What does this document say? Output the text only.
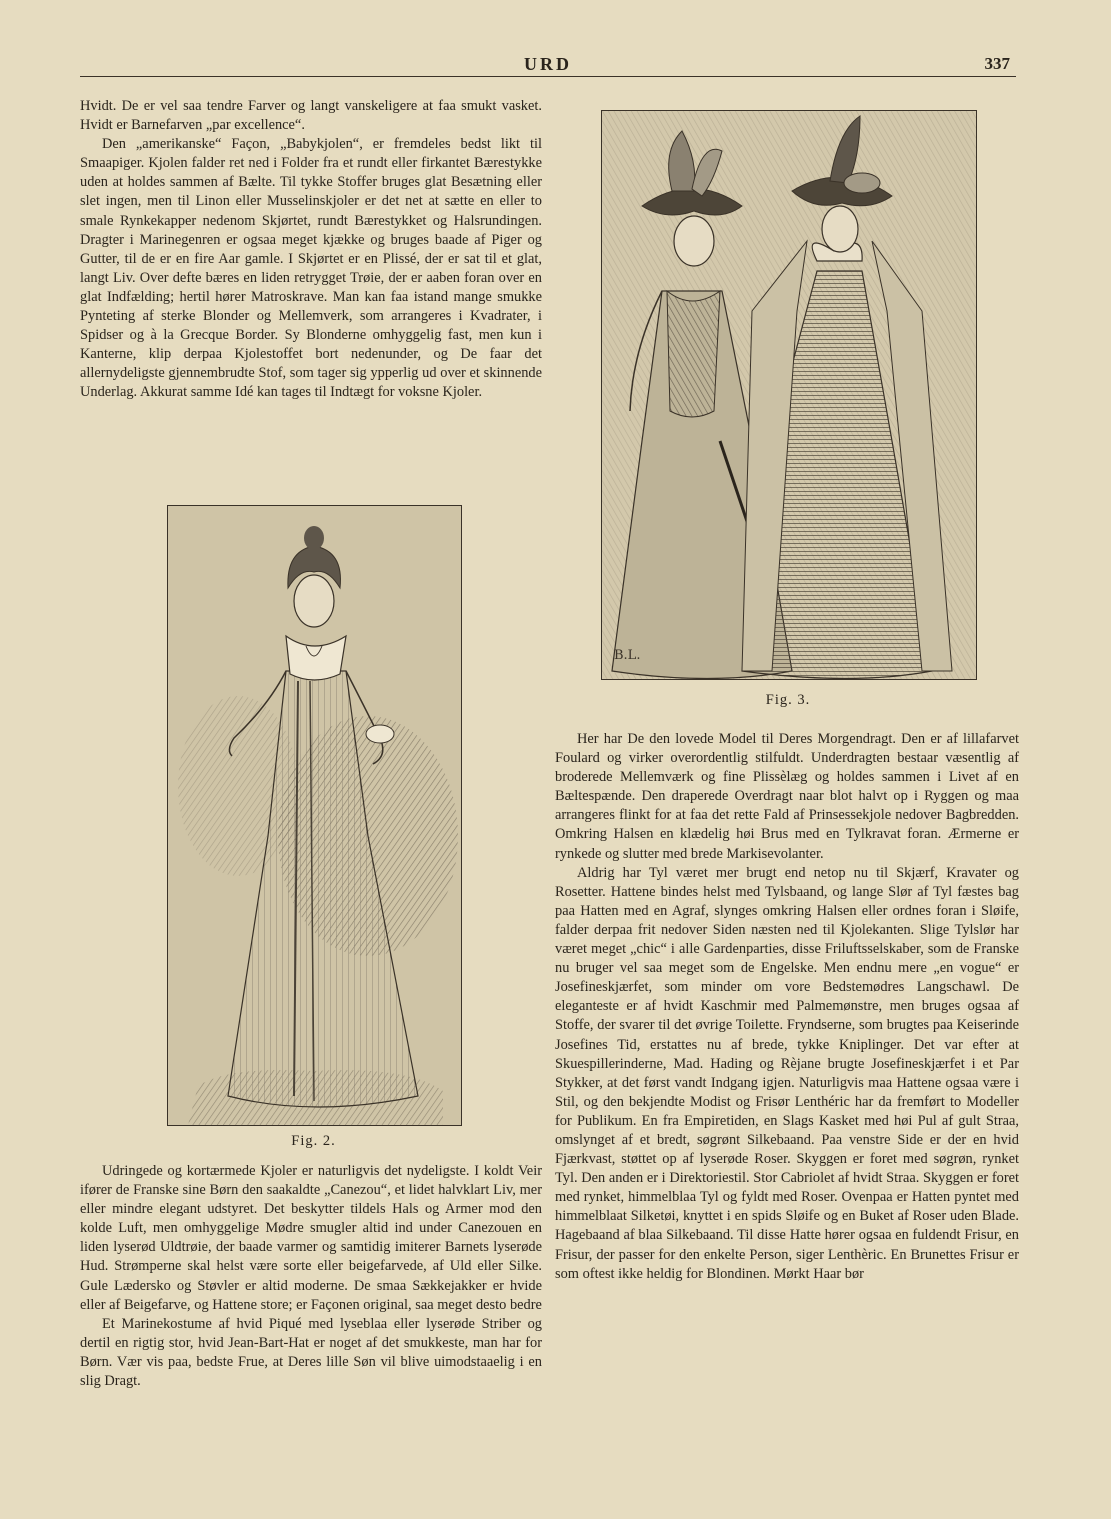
URD	337

Hvidt. De er vel saa tendre Farver og langt vanskeligere at faa smukt vasket. Hvidt er Barnefarven „par excellence“.

Den „amerikanske“ Façon, „Babykjolen“, er fremdeles bedst likt til Smaapiger. Kjolen falder ret ned i Folder fra et rundt eller firkantet Bærestykke uden at holdes sammen af Bælte. Til tykke Stoffer bruges glat Besætning eller slet ingen, men til Linon eller Musselinskjoler er det net at sætte en eller to smale Rynkekapper nedenom Skjørtet, rundt Bærestykket og Halsrundingen. Dragter i Marinegenren er ogsaa meget kjække og bruges baade af Piger og Gutter, til de er en fire Aar gamle. I Skjørtet er en Plissé, der er sat til et glat, langt Liv. Over defte bæres en liden retrygget Trøie, der er aaben foran over en glat Indfælding; hertil hører Matroskrave. Man kan faa istand mange smukke Pynteting af sterke Blonder og Mellemverk, som arrangeres i Kvadrater, i Spidser og à la Grecque Border. Sy Blonderne omhyggelig fast, men kun i Kanterne, klip derpaa Kjolestoffet bort nedenunder, og De faar det allernydeligste gjennembrudte Stof, som tager sig ypperlig ud over et skinnende Underlag. Akkurat samme Idé kan tages til Indtægt for voksne Kjoler.

Fig. 2.

Udringede og kortærmede Kjoler er naturligvis det nydeligste. I koldt Veir ifører de Franske sine Børn den saakaldte „Canezou“, et lidet halvklart Liv, mer eller mindre elegant udstyret. Det beskytter tildels Hals og Armer mod den kolde Luft, men omhyggelige Mødre smugler altid ind under Canezouen en liden lyserød Uldtrøie, der baade varmer og samtidig imiterer Barnets lyserøde Hud. Strømperne skal helst være sorte eller beigefarvede, af Uld eller Silke. Gule Lædersko og Støvler er altid moderne. De smaa Sækkejakker er hvide eller af Beigefarve, og Hattene store; er Façonen original, saa meget desto bedre

Et Marinekostume af hvid Piqué med lyseblaa eller lyserøde Striber og dertil en rigtig stor, hvid Jean-Bart-Hat er noget af det smukkeste, man har for Børn. Vær vis paa, bedste Frue, at Deres lille Søn vil blive uimodstaaelig i en slig Dragt.

B.L.
Fig. 3.

Her har De den lovede Model til Deres Morgendragt. Den er af lillafarvet Foulard og virker overordentlig stilfuldt. Underdragten bestaar væsentlig af broderede Mellemværk og fine Plissèlæg og holdes sammen i Livet af en Bæltespænde. Den draperede Overdragt naar blot halvt op i Ryggen og maa arrangeres flinkt for at faa det rette Fald af Prinsessekjole nedover Bagbredden. Omkring Halsen en klædelig høi Brus med en Tylkravat foran. Ærmerne er rynkede og slutter med brede Markisevolanter.

Aldrig har Tyl været mer brugt end netop nu til Skjærf, Kravater og Rosetter. Hattene bindes helst med Tylsbaand, og lange Slør af Tyl fæstes bag paa Hatten med en Agraf, slynges omkring Halsen eller ordnes foran i Sløife, falder derpaa frit nedover Siden næsten ned til Kjolekanten. Slige Tylslør har været meget „chic“ i alle Gardenparties, disse Friluftsselskaber, som de Franske nu bruger vel saa meget som de Engelske. Men endnu mere „en vogue“ er Josefineskjærfet, som minder om vore Bedstemødres Langschawl. De eleganteste er af hvidt Kaschmir med Palmemønstre, men bruges ogsaa af Stoffe, der svarer til det øvrige Toilette. Fryndserne, som brugtes paa Keiserinde Josefines Tid, erstattes nu af brede, tykke Kniplinger. Det var efter at Skuespillerinderne, Mad. Hading og Rèjane brugte Josefineskjærfet i et Par Stykker, at det først vandt Indgang igjen. Naturligvis maa Hattene ogsaa være i Stil, og den bekjendte Modist og Frisør Lenthéric har da fremført to Modeller for Publikum. En fra Empiretiden, en Slags Kasket med høi Pul af gult Straa, omslynget af et bredt, søgrønt Silkebaand. Paa venstre Side er der en hvid Fjærkvast, støttet op af lyserøde Roser. Skyggen er foret med søgrøn, rynket Tyl. Den anden er i Direktoriestil. Stor Cabriolet af hvidt Straa. Skyggen er foret med rynket, himmelblaa Tyl og fyldt med Roser. Ovenpaa er Hatten pyntet med himmelblaat Silketøi, knyttet i en spids Sløife og en Buket af Roser uden Blade. Hagebaand af blaa Silkebaand. Til disse Hatte hører ogsaa en fuldendt Frisur, en Frisur, der passer for den enkelte Person, siger Lenthèric. En Brunettes Frisur er som oftest ikke heldig for Blondinen. Mørkt Haar bør
